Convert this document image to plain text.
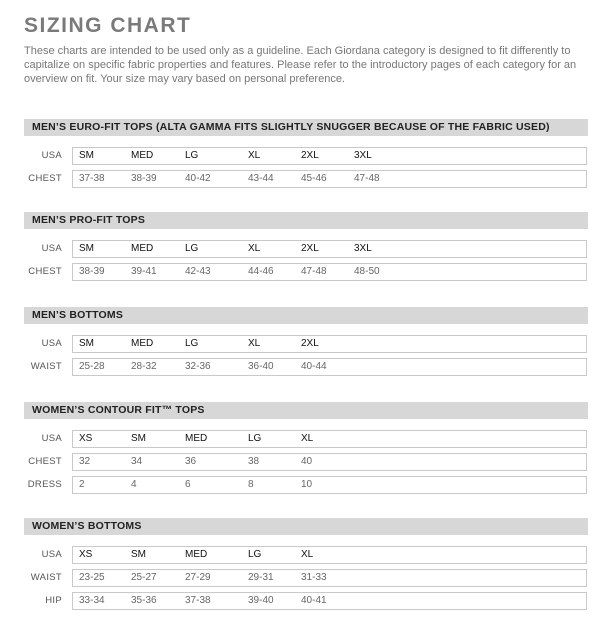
SIZING CHART

These charts are intended to be used only as a guideline. Each Giordana category is designed to fit differently to capitalize on specific fabric properties and features. Please refer to the introductory pages of each category for an overview on fit. Your size may vary based on personal preference.

MEN’S EURO-FIT TOPS (ALTA GAMMA FITS SLIGHTLY SNUGGER BECAUSE OF THE FABRIC USED)
USA SM	MED	LG	XL	2XL	3XL
CHEST 37-38	38-39	40-42	43-44	45-46	47-48
MEN’S PRO-FIT TOPS
USA SM	MED	LG	XL	2XL	3XL
CHEST 38-39	39-41	42-43	44-46	47-48	48-50
MEN’S BOTTOMS
USA SM	MED	LG	XL	2XL
WAIST 25-28	28-32	32-36	36-40	40-44
WOMEN’S CONTOUR FIT™ TOPS
USA XS	SM	MED	LG	XL
CHEST 32	34	36	38	40
DRESS 2	4	6	8	10
WOMEN’S BOTTOMS
USA XS	SM	MED	LG	XL
WAIST 23-25	25-27	27-29	29-31	31-33
HIP 33-34	35-36	37-38	39-40	40-41
